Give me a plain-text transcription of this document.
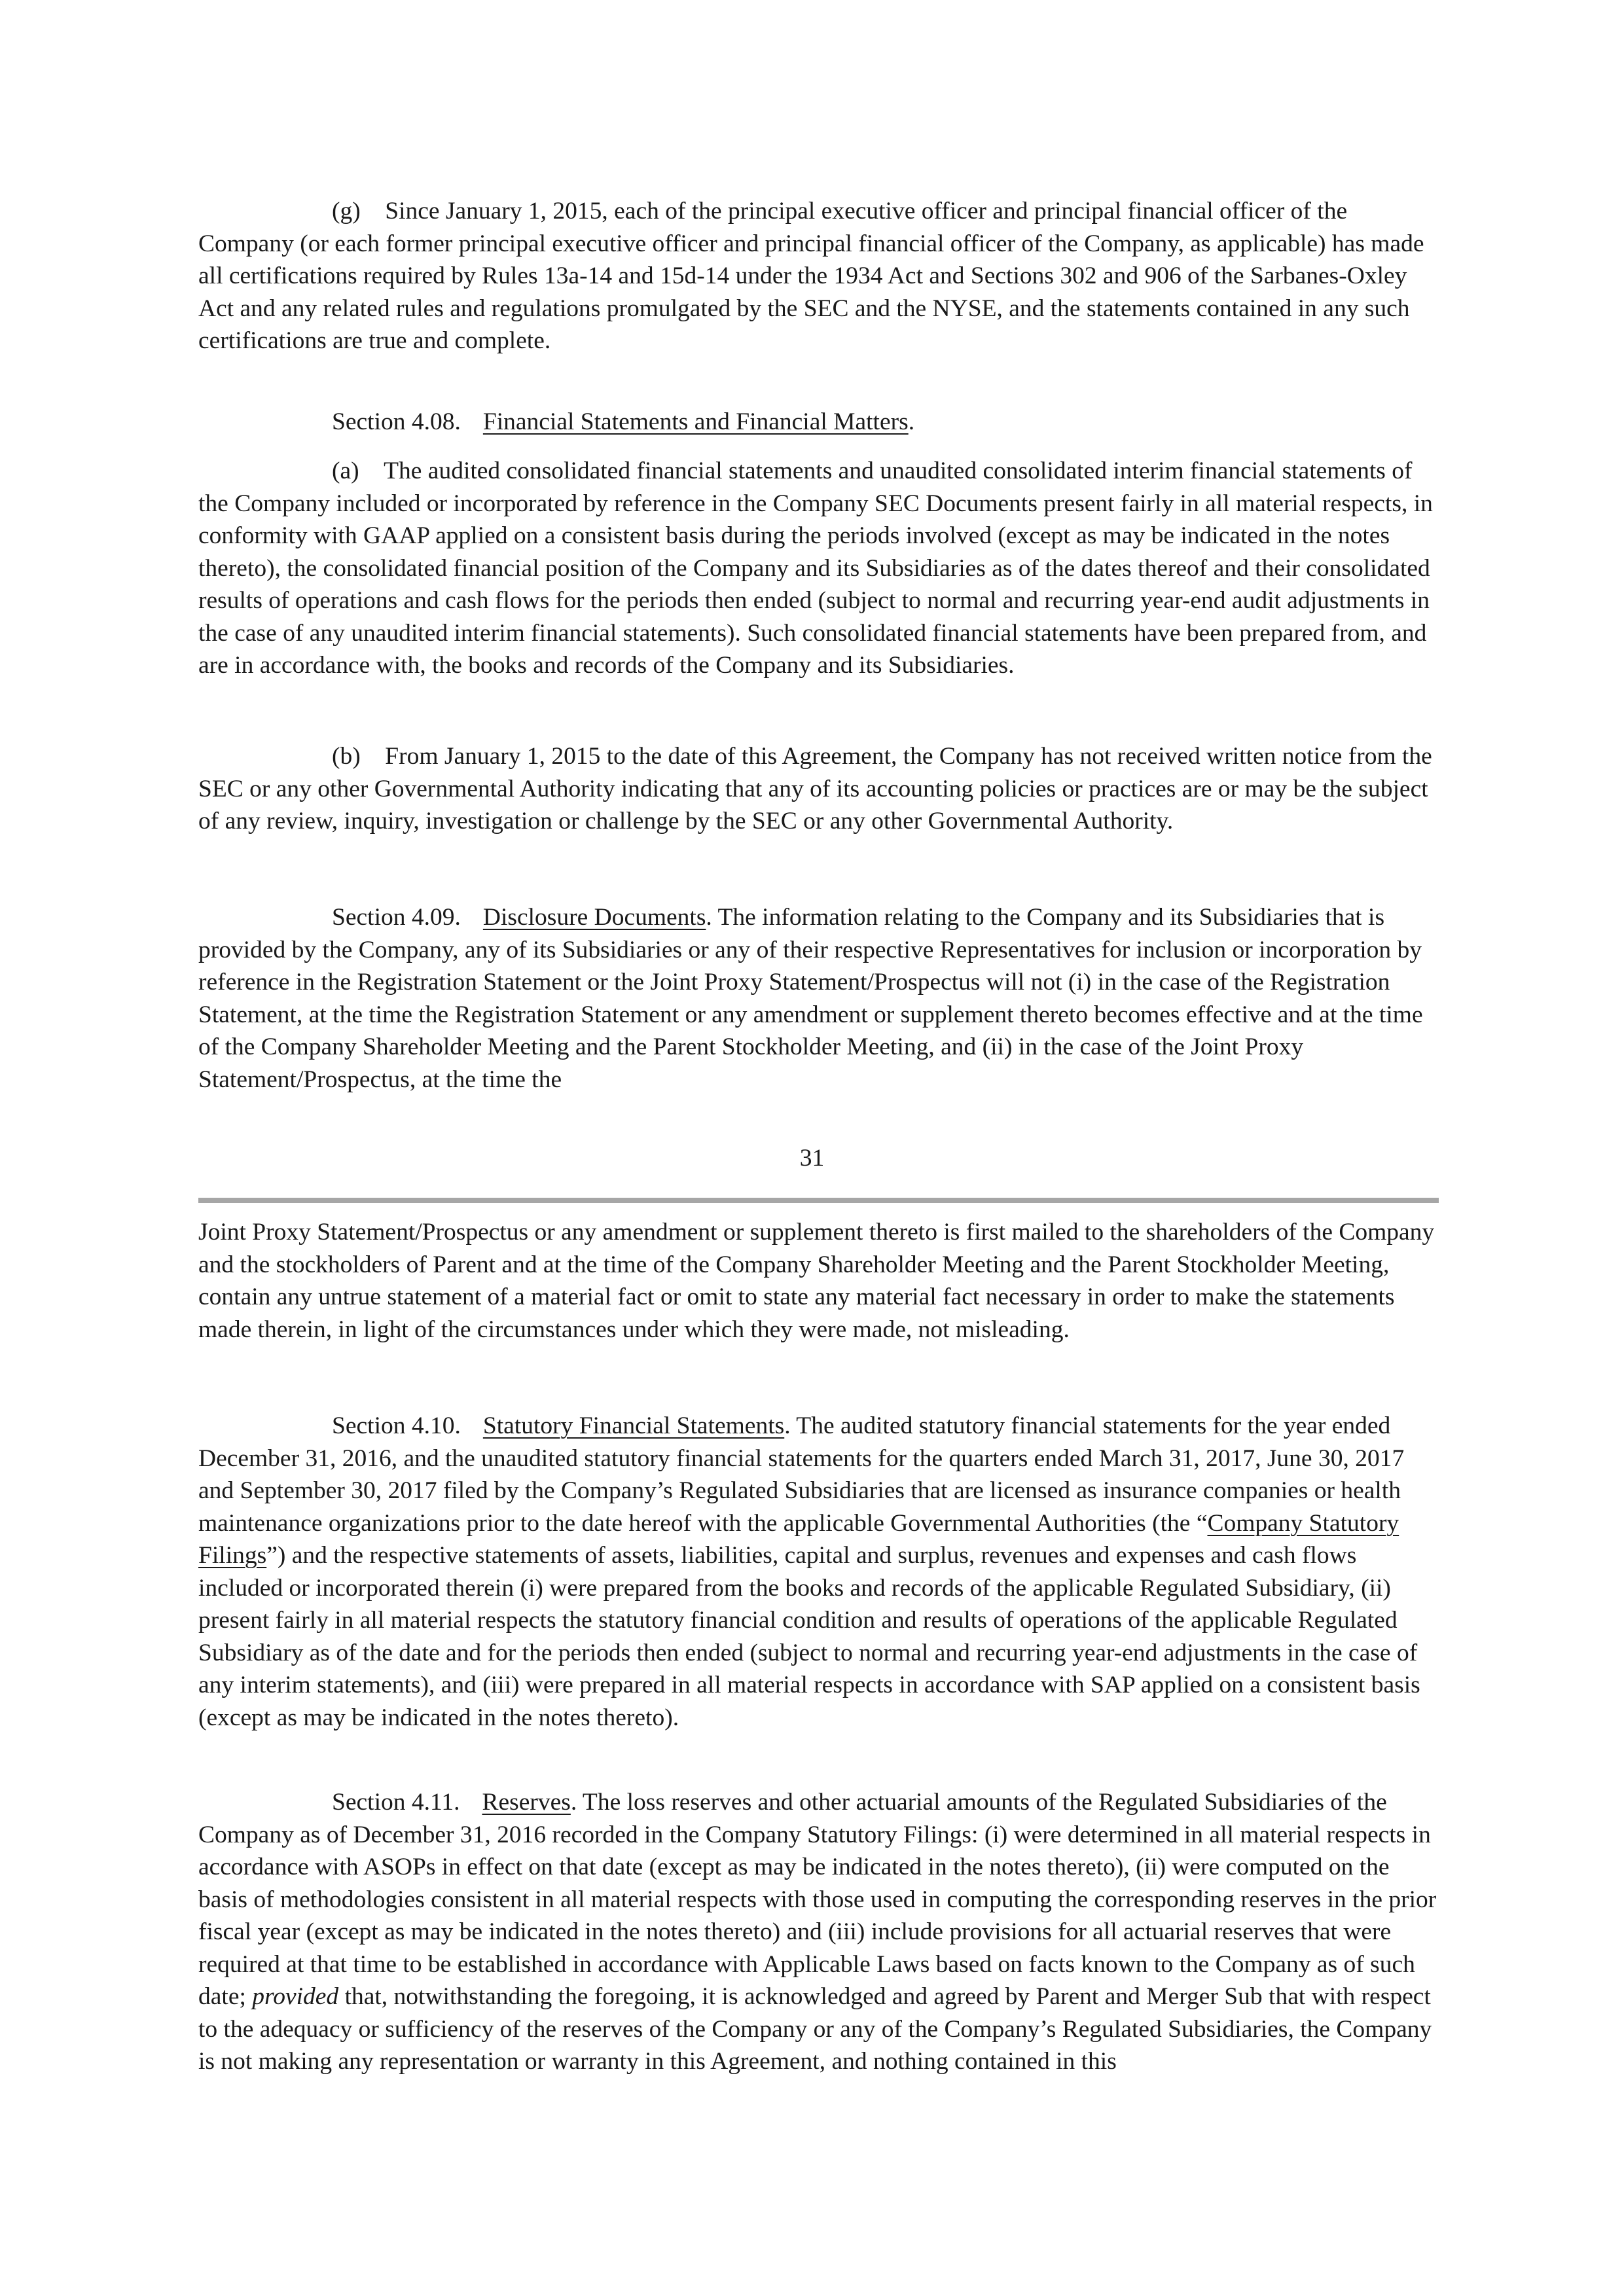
(g) Since January 1, 2015, each of the principal executive officer and principal financial officer of the Company (or each former principal executive officer and principal financial officer of the Company, as applicable) has made all certifications required by Rules 13a-14 and 15d-14 under the 1934 Act and Sections 302 and 906 of the Sarbanes-Oxley Act and any related rules and regulations promulgated by the SEC and the NYSE, and the statements contained in any such certifications are true and complete.

Section 4.08. Financial Statements and Financial Matters.

(a) The audited consolidated financial statements and unaudited consolidated interim financial statements of the Company included or incorporated by reference in the Company SEC Documents present fairly in all material respects, in conformity with GAAP applied on a consistent basis during the periods involved (except as may be indicated in the notes thereto), the consolidated financial position of the Company and its Subsidiaries as of the dates thereof and their consolidated results of operations and cash flows for the periods then ended (subject to normal and recurring year-end audit adjustments in the case of any unaudited interim financial statements). Such consolidated financial statements have been prepared from, and are in accordance with, the books and records of the Company and its Subsidiaries.

(b) From January 1, 2015 to the date of this Agreement, the Company has not received written notice from the SEC or any other Governmental Authority indicating that any of its accounting policies or practices are or may be the subject of any review, inquiry, investigation or challenge by the SEC or any other Governmental Authority.

Section 4.09. Disclosure Documents. The information relating to the Company and its Subsidiaries that is provided by the Company, any of its Subsidiaries or any of their respective Representatives for inclusion or incorporation by reference in the Registration Statement or the Joint Proxy Statement/Prospectus will not (i) in the case of the Registration Statement, at the time the Registration Statement or any amendment or supplement thereto becomes effective and at the time of the Company Shareholder Meeting and the Parent Stockholder Meeting, and (ii) in the case of the Joint Proxy Statement/Prospectus, at the time the

31

Joint Proxy Statement/Prospectus or any amendment or supplement thereto is first mailed to the shareholders of the Company and the stockholders of Parent and at the time of the Company Shareholder Meeting and the Parent Stockholder Meeting, contain any untrue statement of a material fact or omit to state any material fact necessary in order to make the statements made therein, in light of the circumstances under which they were made, not misleading.

Section 4.10. Statutory Financial Statements. The audited statutory financial statements for the year ended December 31, 2016, and the unaudited statutory financial statements for the quarters ended March 31, 2017, June 30, 2017 and September 30, 2017 filed by the Company’s Regulated Subsidiaries that are licensed as insurance companies or health maintenance organizations prior to the date hereof with the applicable Governmental Authorities (the “Company Statutory Filings”) and the respective statements of assets, liabilities, capital and surplus, revenues and expenses and cash flows included or incorporated therein (i) were prepared from the books and records of the applicable Regulated Subsidiary, (ii) present fairly in all material respects the statutory financial condition and results of operations of the applicable Regulated Subsidiary as of the date and for the periods then ended (subject to normal and recurring year-end adjustments in the case of any interim statements), and (iii) were prepared in all material respects in accordance with SAP applied on a consistent basis (except as may be indicated in the notes thereto).

Section 4.11. Reserves. The loss reserves and other actuarial amounts of the Regulated Subsidiaries of the Company as of December 31, 2016 recorded in the Company Statutory Filings: (i) were determined in all material respects in accordance with ASOPs in effect on that date (except as may be indicated in the notes thereto), (ii) were computed on the basis of methodologies consistent in all material respects with those used in computing the corresponding reserves in the prior fiscal year (except as may be indicated in the notes thereto) and (iii) include provisions for all actuarial reserves that were required at that time to be established in accordance with Applicable Laws based on facts known to the Company as of such date; provided that, notwithstanding the foregoing, it is acknowledged and agreed by Parent and Merger Sub that with respect to the adequacy or sufficiency of the reserves of the Company or any of the Company’s Regulated Subsidiaries, the Company is not making any representation or warranty in this Agreement, and nothing contained in this
